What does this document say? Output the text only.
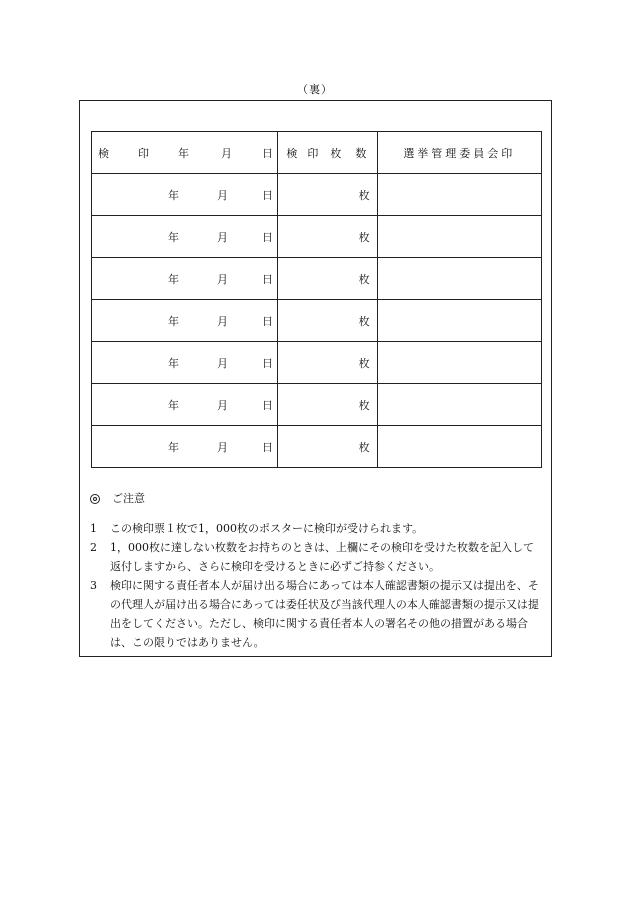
（裏）
検 印 年 月 日	検 印 枚 数	選挙管理委員会印

年 月 日	枚	

年 月 日	枚	

年 月 日	枚	

年 月 日	枚	

年 月 日	枚	

年 月 日	枚	

年 月 日	枚	
ご注意
1	この検印票１枚で1，000枚のポスターに検印が受けられます。
2	1，000枚に達しない枚数をお持ちのときは、上欄にその検印を受けた枚数を記入して返付しますから、さらに検印を受けるときに必ずご持参ください。
3	検印に関する責任者本人が届け出る場合にあっては本人確認書類の提示又は提出を、その代理人が届け出る場合にあっては委任状及び当該代理人の本人確認書類の提示又は提出をしてください。ただし、検印に関する責任者本人の署名その他の措置がある場合は、この限りではありません。
